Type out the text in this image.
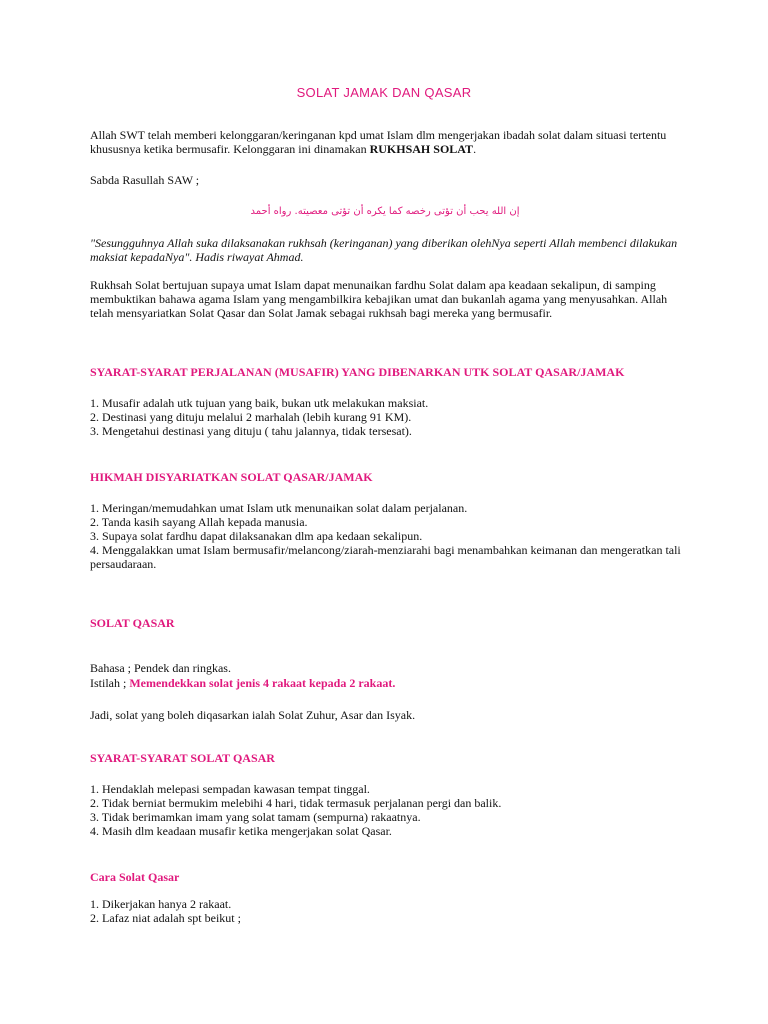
SOLAT JAMAK DAN QASAR
Allah SWT telah memberi kelonggaran/keringanan kpd umat Islam dlm mengerjakan ibadah solat dalam situasi tertentu khususnya ketika bermusafir. Kelonggaran ini dinamakan RUKHSAH SOLAT.
Sabda Rasullah SAW ;
إن الله يحب أن تؤتى رخصه كما يكره أن تؤتى معصيته. رواه أحمد
"Sesungguhnya Allah suka dilaksanakan rukhsah (keringanan) yang diberikan olehNya seperti Allah membenci dilakukan maksiat kepadaNya". Hadis riwayat Ahmad.
Rukhsah Solat bertujuan supaya umat Islam dapat menunaikan fardhu Solat dalam apa keadaan sekalipun, di samping membuktikan bahawa agama Islam yang mengambilkira kebajikan umat dan bukanlah agama yang menyusahkan. Allah telah mensyariatkan Solat Qasar dan Solat Jamak sebagai rukhsah bagi mereka yang bermusafir.
SYARAT-SYARAT PERJALANAN (MUSAFIR) YANG DIBENARKAN UTK SOLAT QASAR/JAMAK
1. Musafir adalah utk tujuan yang baik, bukan utk melakukan maksiat.
2. Destinasi yang dituju melalui 2 marhalah (lebih kurang 91 KM).
3. Mengetahui destinasi yang dituju ( tahu jalannya, tidak tersesat).
HIKMAH DISYARIATKAN SOLAT QASAR/JAMAK
1. Meringan/memudahkan umat Islam utk menunaikan solat dalam perjalanan.
2. Tanda kasih sayang Allah kepada manusia.
3. Supaya solat fardhu dapat dilaksanakan dlm apa kedaan sekalipun.
4. Menggalakkan umat Islam bermusafir/melancong/ziarah-menziarahi bagi menambahkan keimanan dan mengeratkan tali persaudaraan.
SOLAT QASAR
Bahasa ; Pendek dan ringkas.
Istilah ; Memendekkan solat jenis 4 rakaat kepada 2 rakaat.
Jadi, solat yang boleh diqasarkan ialah Solat Zuhur, Asar dan Isyak.
SYARAT-SYARAT SOLAT QASAR
1. Hendaklah melepasi sempadan kawasan tempat tinggal.
2. Tidak berniat bermukim melebihi 4 hari, tidak termasuk perjalanan pergi dan balik.
3. Tidak berimamkan imam yang solat tamam (sempurna) rakaatnya.
4. Masih dlm keadaan musafir ketika mengerjakan solat Qasar.
Cara Solat Qasar
1. Dikerjakan hanya 2 rakaat.
2. Lafaz niat adalah spt beikut ;
